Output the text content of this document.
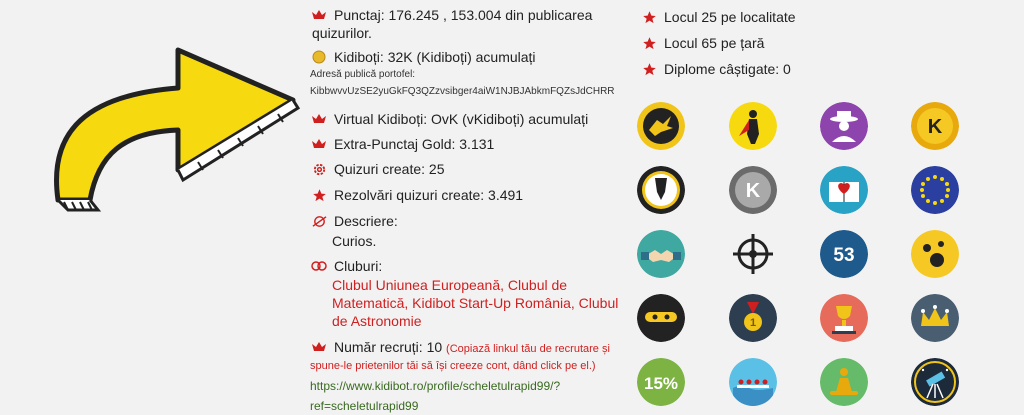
Punctaj: 176.245 , 153.004 din publicarea
quizurilor.
Kidiboți: 32K (Kidiboți) acumulați
Adresă publică portofel:
KibbwvvUzSE2yuGkFQ3QZzvsibger4aiW1NJBJAbkmFQZsJdCHRR
Virtual Kidiboți: OvK (vKidiboți) acumulați
Extra-Punctaj Gold: 3.131
Quizuri create: 25
Rezolvări quizuri create: 3.491
Descriere:
Curios.
Cluburi:
Clubul Uniunea Europeană, Clubul de
Matematică, Kidibot Start-Up România, Clubul
de Astronomie
Număr recruți: 10 (Copiază linkul tău de recrutare și
spune-le prietenilor tăi să își creeze cont, dând click pe el.)
https://www.kidibot.ro/profile/scheletulrapid99/?
ref=scheletulrapid99
Locul 25 pe localitate
Locul 65 pe țară
Diplome câștigate: 0
K
K
53
1
15%
